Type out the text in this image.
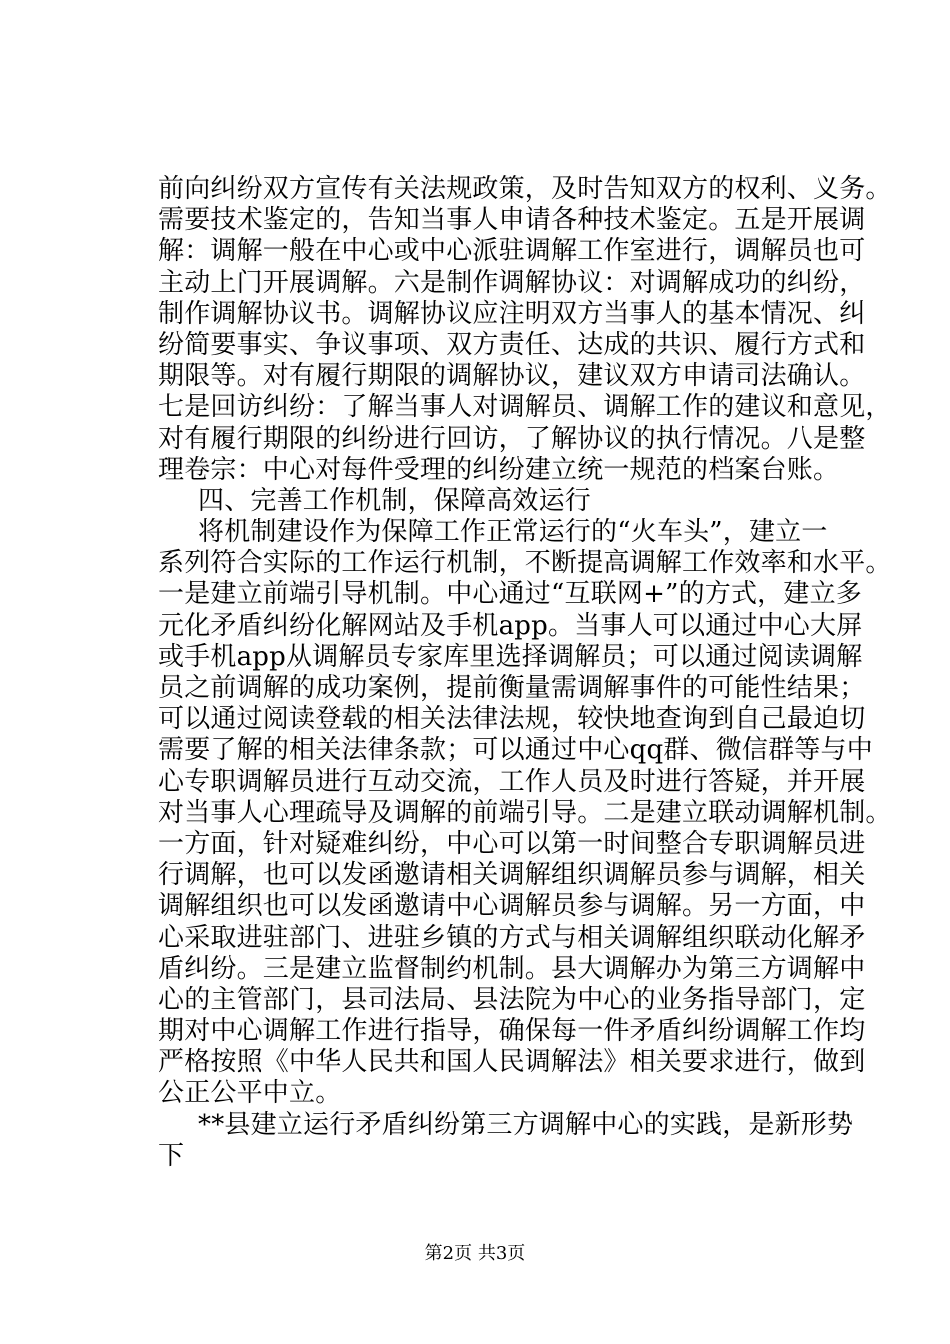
前向纠纷双方宣传有关法规政策，及时告知双方的权利、义务。
需要技术鉴定的，告知当事人申请各种技术鉴定。五是开展调
解：调解一般在中心或中心派驻调解工作室进行，调解员也可
主动上门开展调解。六是制作调解协议：对调解成功的纠纷，
制作调解协议书。调解协议应注明双方当事人的基本情况、纠
纷简要事实、争议事项、双方责任、达成的共识、履行方式和
期限等。对有履行期限的调解协议，建议双方申请司法确认。
七是回访纠纷：了解当事人对调解员、调解工作的建议和意见，
对有履行期限的纠纷进行回访，了解协议的执行情况。八是整
理卷宗：中心对每件受理的纠纷建立统一规范的档案台账。
四、完善工作机制，保障高效运行
将机制建设作为保障工作正常运行的“火车头”，建立一
系列符合实际的工作运行机制，不断提高调解工作效率和水平。
一是建立前端引导机制。中心通过“互联网+”的方式，建立多
元化矛盾纠纷化解网站及手机app。当事人可以通过中心大屏
或手机app从调解员专家库里选择调解员；可以通过阅读调解
员之前调解的成功案例，提前衡量需调解事件的可能性结果；
可以通过阅读登载的相关法律法规，较快地查询到自己最迫切
需要了解的相关法律条款；可以通过中心qq群、微信群等与中
心专职调解员进行互动交流，工作人员及时进行答疑，并开展
对当事人心理疏导及调解的前端引导。二是建立联动调解机制。
一方面，针对疑难纠纷，中心可以第一时间整合专职调解员进
行调解，也可以发函邀请相关调解组织调解员参与调解，相关
调解组织也可以发函邀请中心调解员参与调解。另一方面，中
心采取进驻部门、进驻乡镇的方式与相关调解组织联动化解矛
盾纠纷。三是建立监督制约机制。县大调解办为第三方调解中
心的主管部门，县司法局、县法院为中心的业务指导部门，定
期对中心调解工作进行指导，确保每一件矛盾纠纷调解工作均
严格按照《中华人民共和国人民调解法》相关要求进行，做到
公正公平中立。
**县建立运行矛盾纠纷第三方调解中心的实践，是新形势
下
第2页 共3页
